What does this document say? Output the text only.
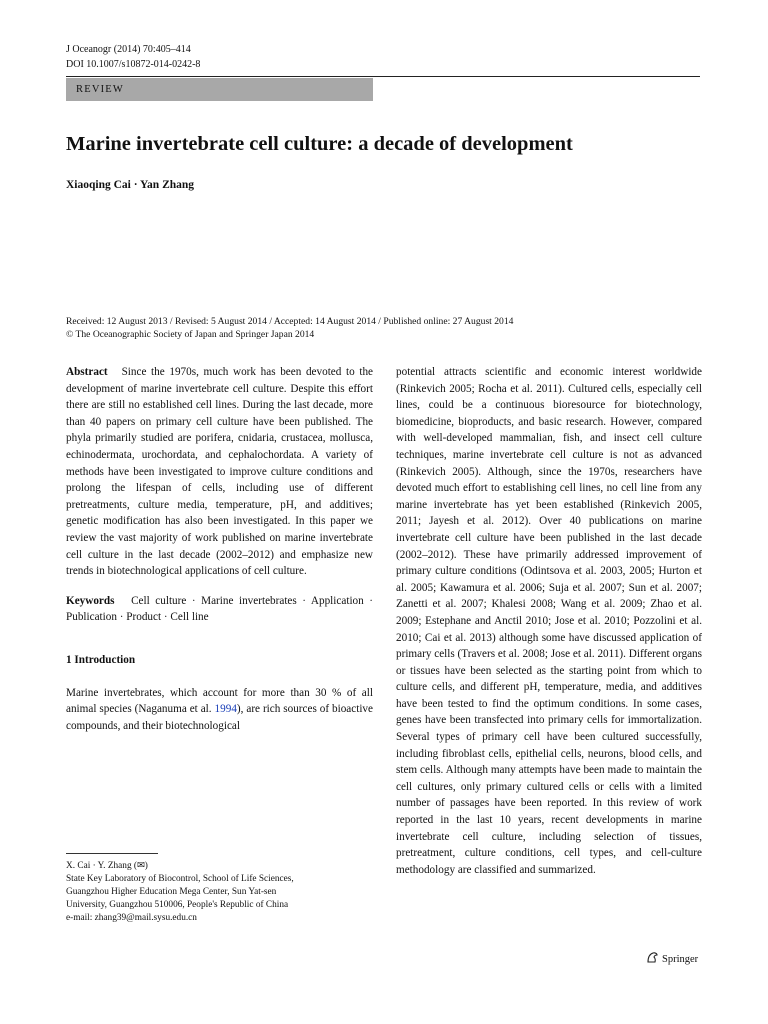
J Oceanogr (2014) 70:405–414
DOI 10.1007/s10872-014-0242-8
REVIEW
Marine invertebrate cell culture: a decade of development
Xiaoqing Cai · Yan Zhang
Received: 12 August 2013 / Revised: 5 August 2014 / Accepted: 14 August 2014 / Published online: 27 August 2014
© The Oceanographic Society of Japan and Springer Japan 2014

Abstract Since the 1970s, much work has been devoted to the development of marine invertebrate cell culture. Despite this effort there are still no established cell lines. During the last decade, more than 40 papers on primary cell culture have been published. The phyla primarily studied are porifera, cnidaria, crustacea, mollusca, echinodermata, urochordata, and cephalochordata. A variety of methods have been investigated to improve culture conditions and prolong the lifespan of cells, including use of different pretreatments, culture media, temperature, pH, and additives; genetic modification has also been investigated. In this paper we review the vast majority of work published on marine invertebrate cell culture in the last decade (2002–2012) and emphasize new trends in biotechnological applications of cell culture.

Keywords Cell culture · Marine invertebrates · Application · Publication · Product · Cell line

1 Introduction

Marine invertebrates, which account for more than 30 % of all animal species (Naganuma et al. 1994), are rich sources of bioactive compounds, and their biotechnological

potential attracts scientific and economic interest worldwide (Rinkevich 2005; Rocha et al. 2011). Cultured cells, especially cell lines, could be a continuous bioresource for biotechnology, biomedicine, bioproducts, and basic research. However, compared with well-developed mammalian, fish, and insect cell culture techniques, marine invertebrate cell culture is not as advanced (Rinkevich 2005). Although, since the 1970s, researchers have devoted much effort to establishing cell lines, no cell line from any marine invertebrate has yet been established (Rinkevich 2005, 2011; Jayesh et al. 2012). Over 40 publications on marine invertebrate cell culture have been published in the last decade (2002–2012). These have primarily addressed improvement of primary culture conditions (Odintsova et al. 2003, 2005; Hurton et al. 2005; Kawamura et al. 2006; Suja et al. 2007; Sun et al. 2007; Zanetti et al. 2007; Khalesi 2008; Wang et al. 2009; Zhao et al. 2009; Estephane and Anctil 2010; Jose et al. 2010; Pozzolini et al. 2010; Cai et al. 2013) although some have discussed application of primary cells (Travers et al. 2008; Jose et al. 2011). Different organs or tissues have been selected as the starting point from which to culture cells, and different pH, temperature, media, and additives have been tested to find the optimum conditions. In some cases, genes have been transfected into primary cells for immortalization. Several types of primary cell have been cultured successfully, including fibroblast cells, epithelial cells, neurons, blood cells, and stem cells. Although many attempts have been made to maintain the cell cultures, only primary cultured cells or cells with a limited number of passages have been reported. In this review of work reported in the last 10 years, recent developments in marine invertebrate cell culture, including selection of tissues, pretreatment, culture conditions, cell types, and cell-culture methodology are classified and summarized.

X. Cai · Y. Zhang (✉)
State Key Laboratory of Biocontrol, School of Life Sciences,
Guangzhou Higher Education Mega Center, Sun Yat-sen
University, Guangzhou 510006, People's Republic of China
e-mail: zhang39@mail.sysu.edu.cn
Springer
